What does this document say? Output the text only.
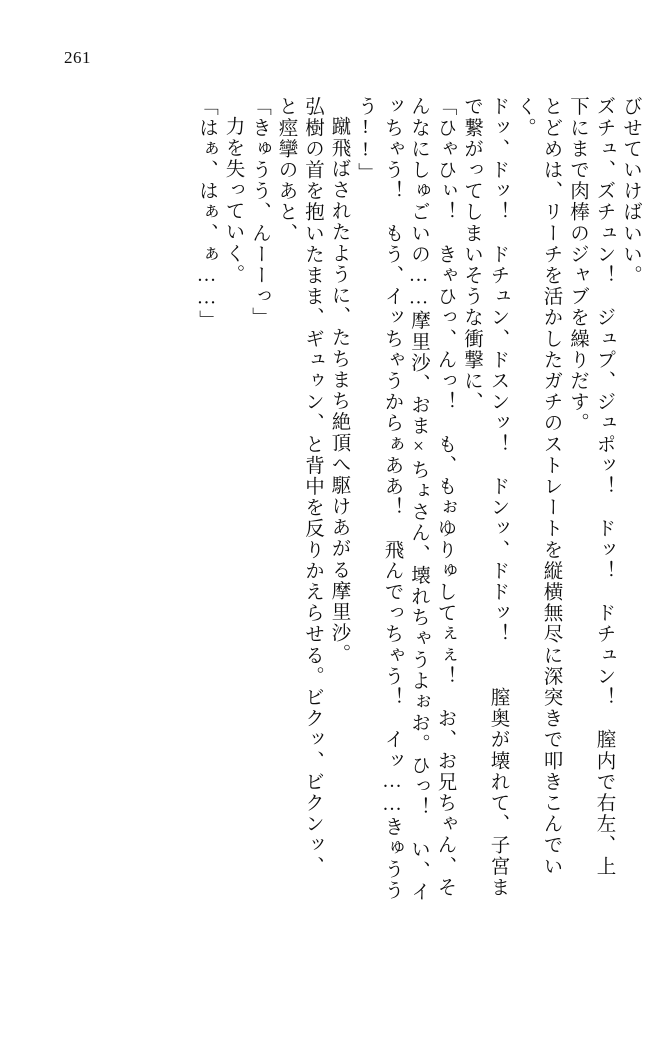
261
びせていけばいい。
ズチュ、ズチュン！　ジュプ、ジュポッ！　ドッ！　ドチュン！　膣内で右左、上
下にまで肉棒のジャブを繰りだす。
とどめは、リーチを活かしたガチのストレートを縦横無尽に深突きで叩きこんでい
く。
ドッ、ドッ！　ドチュン、ドスンッ！　ドンッ、ドドッ！　　膣奥が壊れて、子宮ま
で繋がってしまいそうな衝撃に、
「ひゃひぃ！　きゃひっ、んっ！　も、もぉゆりゅしてぇぇ！　お、お兄ちゃん、そ
んなにしゅごいの……摩里沙、おま×ちょさん、壊れちゃうよぉお。ひっ！　い、イ
ッちゃう！　もう、イッちゃうからぁああ！　飛んでっちゃう！　イッ……きゅうう
う!!」
蹴飛ばされたように、たちまち絶頂へ駆けあがる摩里沙。
弘樹の首を抱いたまま、ギュゥン、と背中を反りかえらせる。ビクッ、ビクンッ、
と痙攣のあと、
「きゅうう、んーーっ」
力を失っていく。
「はぁ、はぁ、ぁ……」
